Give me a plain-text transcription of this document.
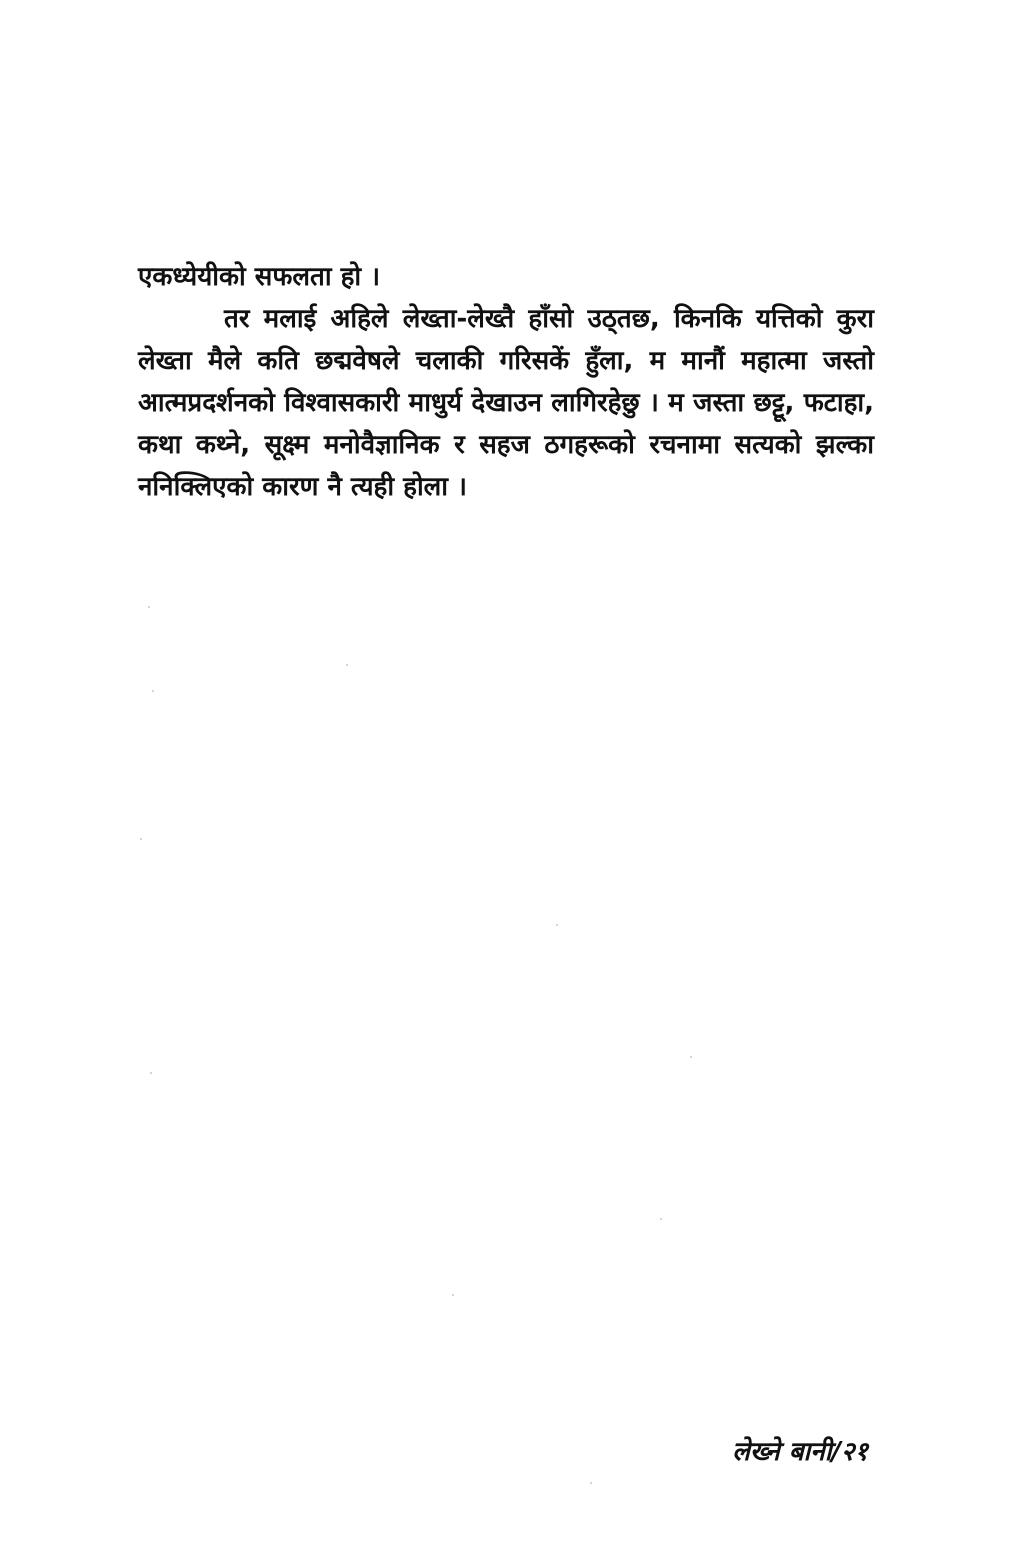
एकध्येयीको सफलता हो ।

तर मलाई अहिले लेख्ता-लेख्तै हाँसो उठ्तछ, किनकि यत्तिको कुरा लेख्ता मैले कति छद्मवेषले चलाकी गरिसकें हुँला, म मानौं महात्मा जस्तो आत्मप्रदर्शनको विश्वासकारी माधुर्य देखाउन लागिरहेछु । म जस्ता छट्टू, फटाहा, कथा कथ्ने, सूक्ष्म मनोवैज्ञानिक र सहज ठगहरूको रचनामा सत्यको झल्का ननिक्लिएको कारण नै त्यही होला ।

लेख्ने बानी/२१
